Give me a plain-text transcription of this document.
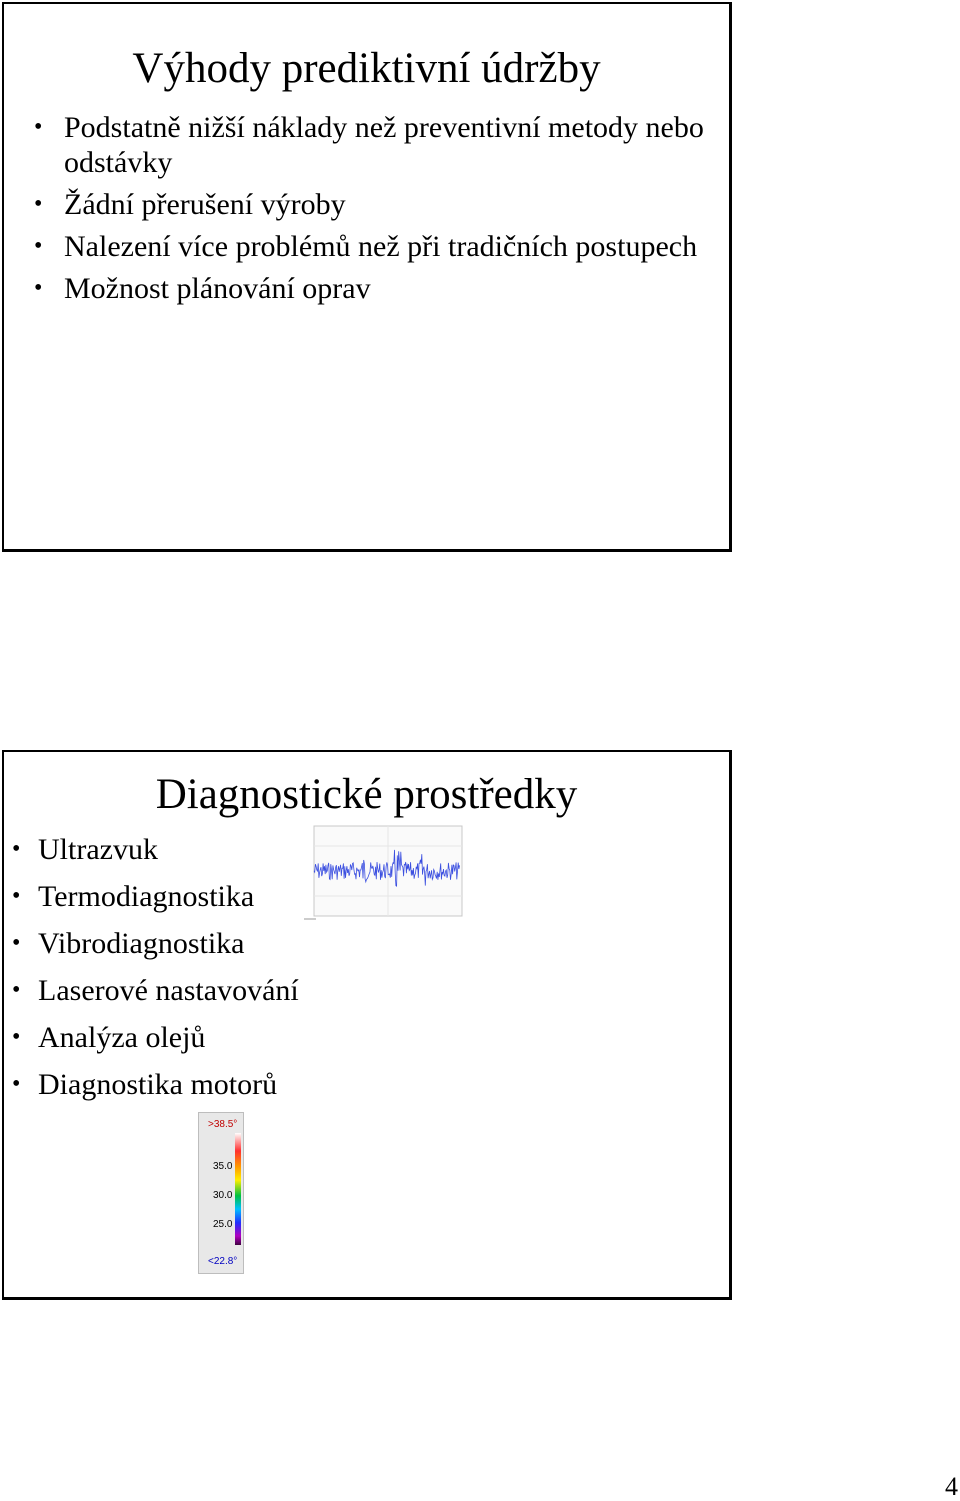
Výhody prediktivní údržby
• Podstatně nižší náklady než preventivní metody nebo odstávky
• Žádní přerušení výroby
• Nalezení více problémů než při tradičních postupech
• Možnost plánování oprav
Diagnostické prostředky
• Ultrazvuk
• Termodiagnostika
• Vibrodiagnostika
• Laserové nastavování
• Analýza olejů
• Diagnostika motorů
>38.5°
35.0
30.0
25.0
<22.8°
4
